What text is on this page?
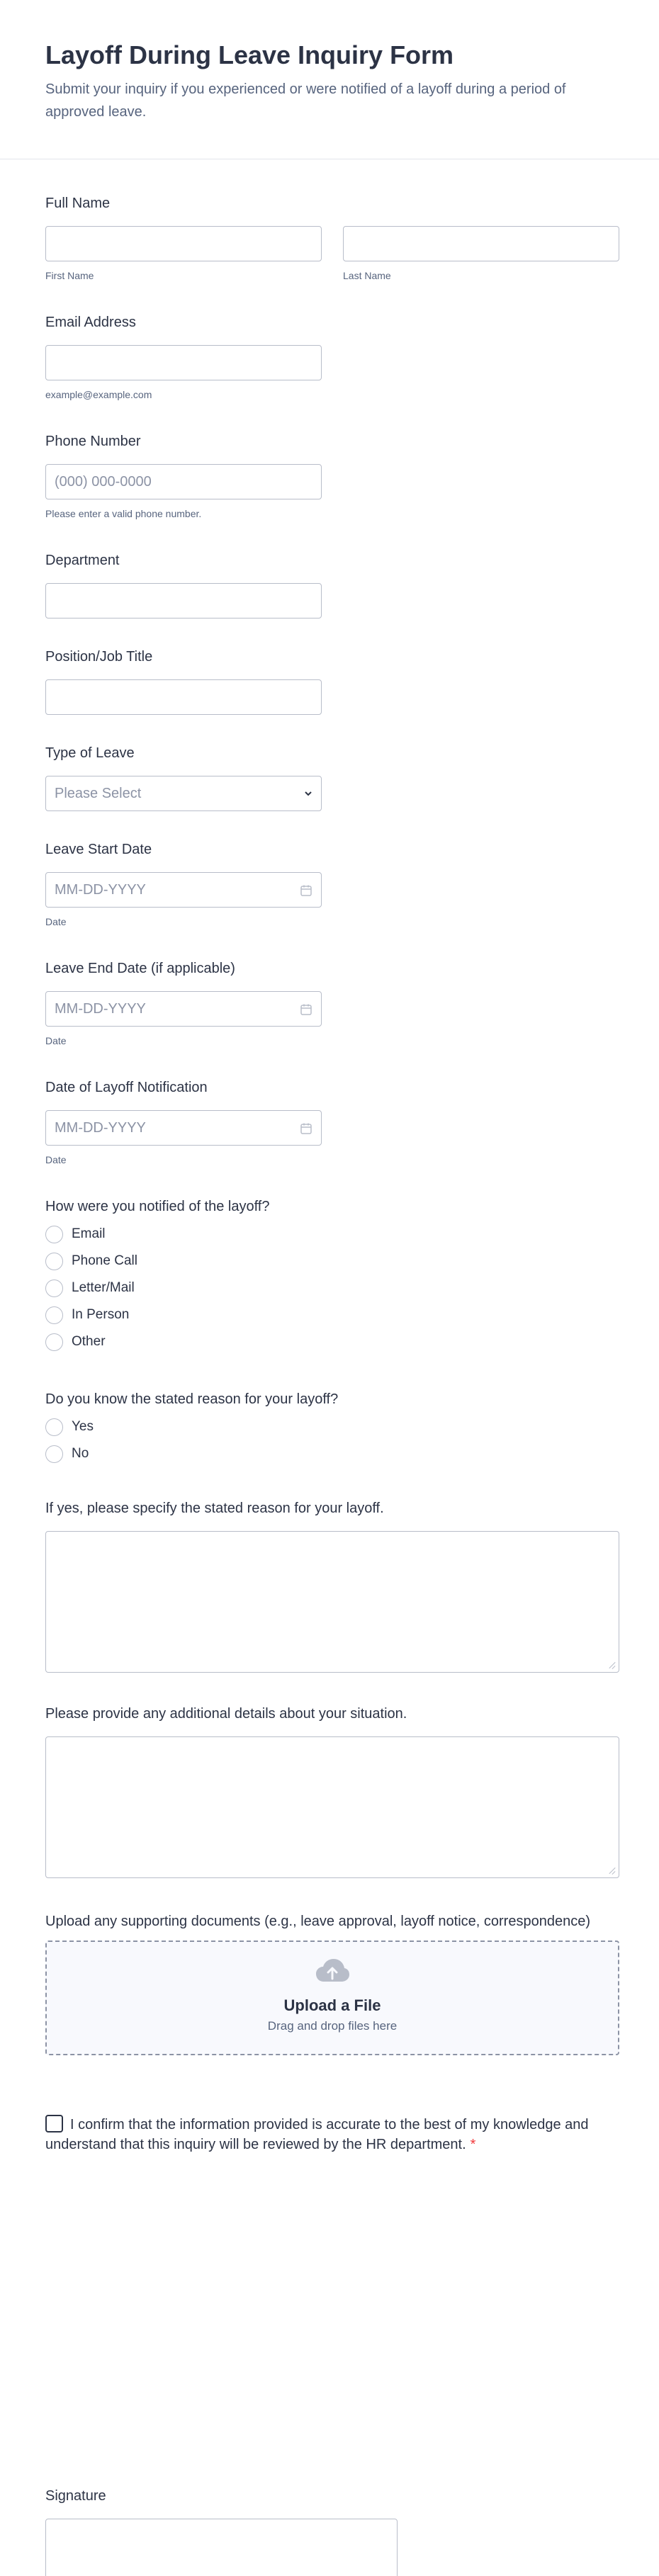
Layoff During Leave Inquiry Form

Submit your inquiry if you experienced or were notified of a layoff during a period of approved leave.

Full Name
First Name	Last Name
Email Address
example@example.com
Phone Number
(000) 000-0000
Please enter a valid phone number.
Department
Position/Job Title
Type of Leave
Please Select
Leave Start Date
MM-DD-YYYY
Date
Leave End Date (if applicable)
MM-DD-YYYY
Date
Date of Layoff Notification
MM-DD-YYYY
Date
How were you notified of the layoff?
Email
Phone Call
Letter/Mail
In Person
Other
Do you know the stated reason for your layoff?
Yes
No
If yes, please specify the stated reason for your layoff.
Please provide any additional details about your situation.
Upload any supporting documents (e.g., leave approval, layoff notice, correspondence)
Upload a File
Drag and drop files here
I confirm that the information provided is accurate to the best of my knowledge and understand that this inquiry will be reviewed by the HR department. *
Signature
